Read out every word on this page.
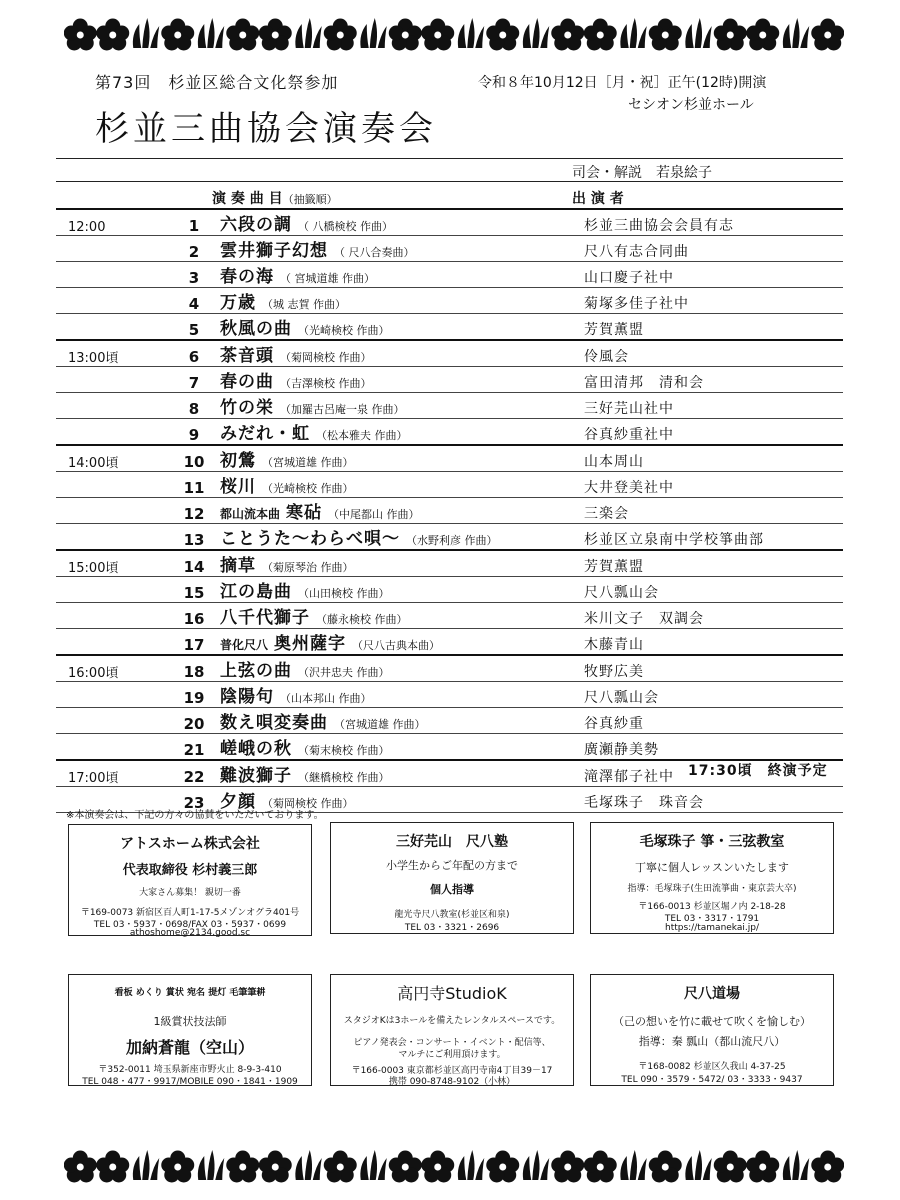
第73回　杉並区総合文化祭参加
杉並三曲協会演奏会
令和８年10月12日［月・祝］正午(12時)開演
セシオン杉並ホール
司会・解説　若泉絵子
演 奏 曲 目（抽籤順）	出 演 者
12:00	1	六段の調 （ 八橋検校 作曲）	杉並三曲協会会員有志
	2	雲井獅子幻想 （ 尺八合奏曲）	尺八有志合同曲
	3	春の海 （ 宮城道雄 作曲）	山口慶子社中
	4	万歳 （城 志賀 作曲）	菊塚多佳子社中
	5	秋風の曲 （光崎検校 作曲）	芳賀薫盟
13:00頃	6	茶音頭 （菊岡検校 作曲）	伶風会
	7	春の曲 （吉澤検校 作曲）	富田清邦　清和会
	8	竹の栄 （加羅古呂庵一泉 作曲）	三好芫山社中
	9	みだれ・虹 （松本雅夫 作曲）	谷真紗重社中
14:00頃	10	初鶯 （宮城道雄 作曲）	山本周山
	11	桜川 （光崎検校 作曲）	大井登美社中
	12	都山流本曲 寒砧 （中尾都山 作曲）	三楽会
	13	ことうた～わらべ唄～ （水野利彦 作曲）	杉並区立泉南中学校箏曲部
15:00頃	14	摘草 （菊原琴治 作曲）	芳賀薫盟
	15	江の島曲 （山田検校 作曲）	尺八瓢山会
	16	八千代獅子 （藤永検校 作曲）	米川文子　双調会
	17	普化尺八 奥州薩字 （尺八古典本曲）	木藤青山
16:00頃	18	上弦の曲 （沢井忠夫 作曲）	牧野広美
	19	陰陽句 （山本邦山 作曲）	尺八瓢山会
	20	数え唄変奏曲 （宮城道雄 作曲）	谷真紗重
	21	嵯峨の秋 （菊末検校 作曲）	廣瀬静美勢
17:00頃	22	難波獅子 （継橋検校 作曲）	滝澤郁子社中
	23	夕顔 （菊岡検校 作曲）	毛塚珠子　珠音会
17:30頃　終演予定
※本演奏会は、下記の方々の協賛をいただいております。
アトスホーム株式会社
代表取締役 杉村義三郎
大家さん募集！ 親切一番
〒169-0073 新宿区百人町1-17-5メゾンオグラ401号
TEL 03・5937・0698/FAX 03・5937・0699
athoshome@2134.good.sc
三好芫山　尺八塾
小学生からご年配の方まで
個人指導
龍光寺尺八教室(杉並区和泉)
TEL 03・3321・2696
毛塚珠子 箏・三弦教室
丁寧に個人レッスンいたします
指導：毛塚珠子(生田流箏曲・東京芸大卒)
〒166-0013 杉並区堀ノ内 2-18-28
TEL 03・3317・1791
https://tamanekai.jp/
看板 めくり 賞状 宛名 提灯 毛筆筆耕
1級賞状技法師
加納蒼龍（空山）
〒352-0011 埼玉県新座市野火止 8-9-3-410
TEL 048・477・9917/MOBILE 090・1841・1909
高円寺StudioK
スタジオKは3ホールを備えたレンタルスペースです。
ピアノ発表会・コンサート・イベント・配信等、
マルチにご利用頂けます。
〒166-0003 東京都杉並区高円寺南4丁目39－17
携帯 090-8748-9102（小林）
尺八道場
（己の想いを竹に載せて吹くを愉しむ）
指導：秦 瓢山（都山流尺八）
〒168-0082 杉並区久我山 4-37-25
TEL 090・3579・5472/ 03・3333・9437
